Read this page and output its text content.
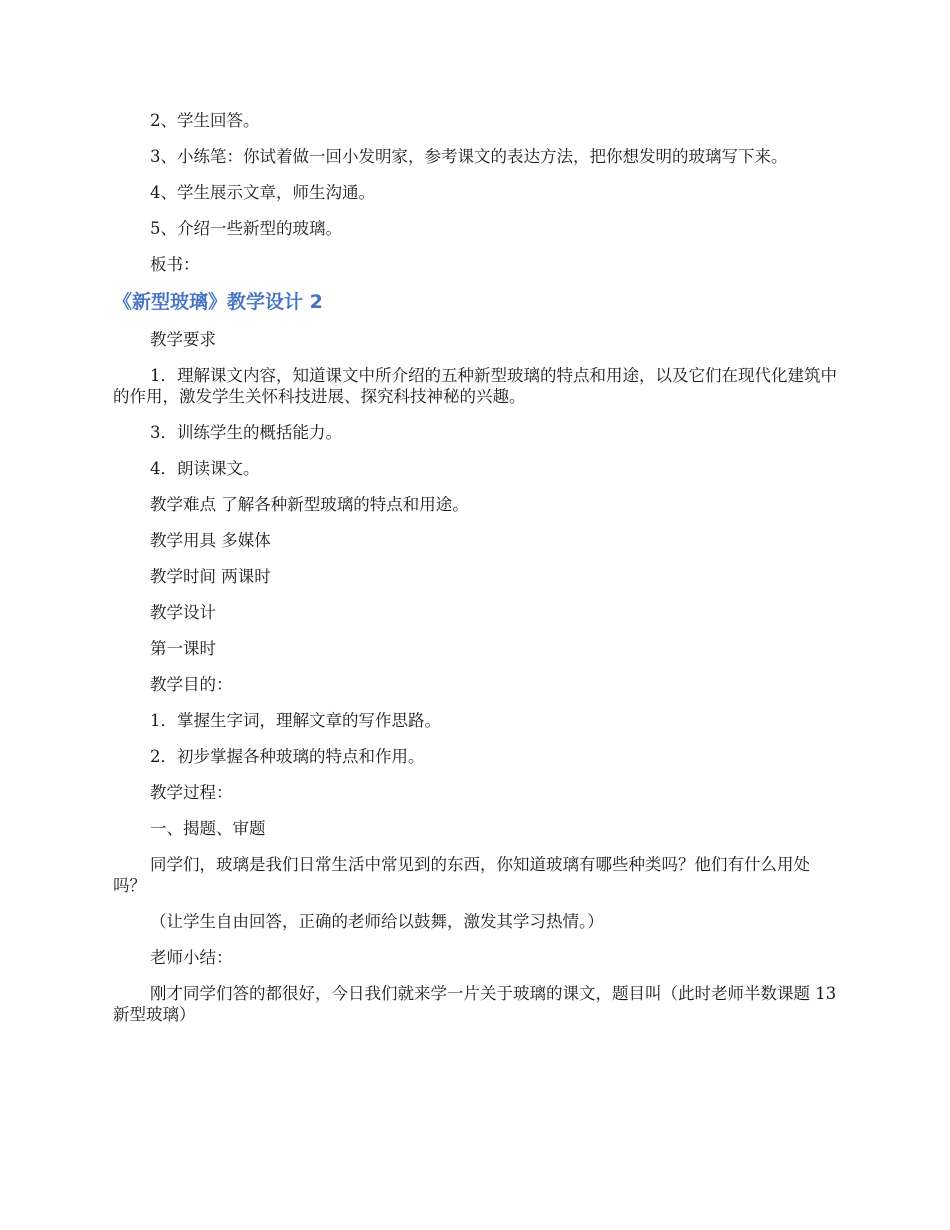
2、学生回答。

3、小练笔：你试着做一回小发明家，参考课文的表达方法，把你想发明的玻璃写下来。

4、学生展示文章，师生沟通。

5、介绍一些新型的玻璃。

板书：

《新型玻璃》教学设计 2

教学要求

1．理解课文内容，知道课文中所介绍的五种新型玻璃的特点和用途，以及它们在现代化建筑中的作用，激发学生关怀科技进展、探究科技神秘的兴趣。

3．训练学生的概括能力。

4．朗读课文。

教学难点 了解各种新型玻璃的特点和用途。

教学用具 多媒体

教学时间 两课时

教学设计

第一课时

教学目的：

1．掌握生字词，理解文章的写作思路。

2．初步掌握各种玻璃的特点和作用。

教学过程：

一、揭题、审题

同学们，玻璃是我们日常生活中常见到的东西，你知道玻璃有哪些种类吗？他们有什么用处吗？

（让学生自由回答，正确的老师给以鼓舞，激发其学习热情。）

老师小结：

刚才同学们答的都很好，今日我们就来学一片关于玻璃的课文，题目叫（此时老师半数课题 13 新型玻璃）
